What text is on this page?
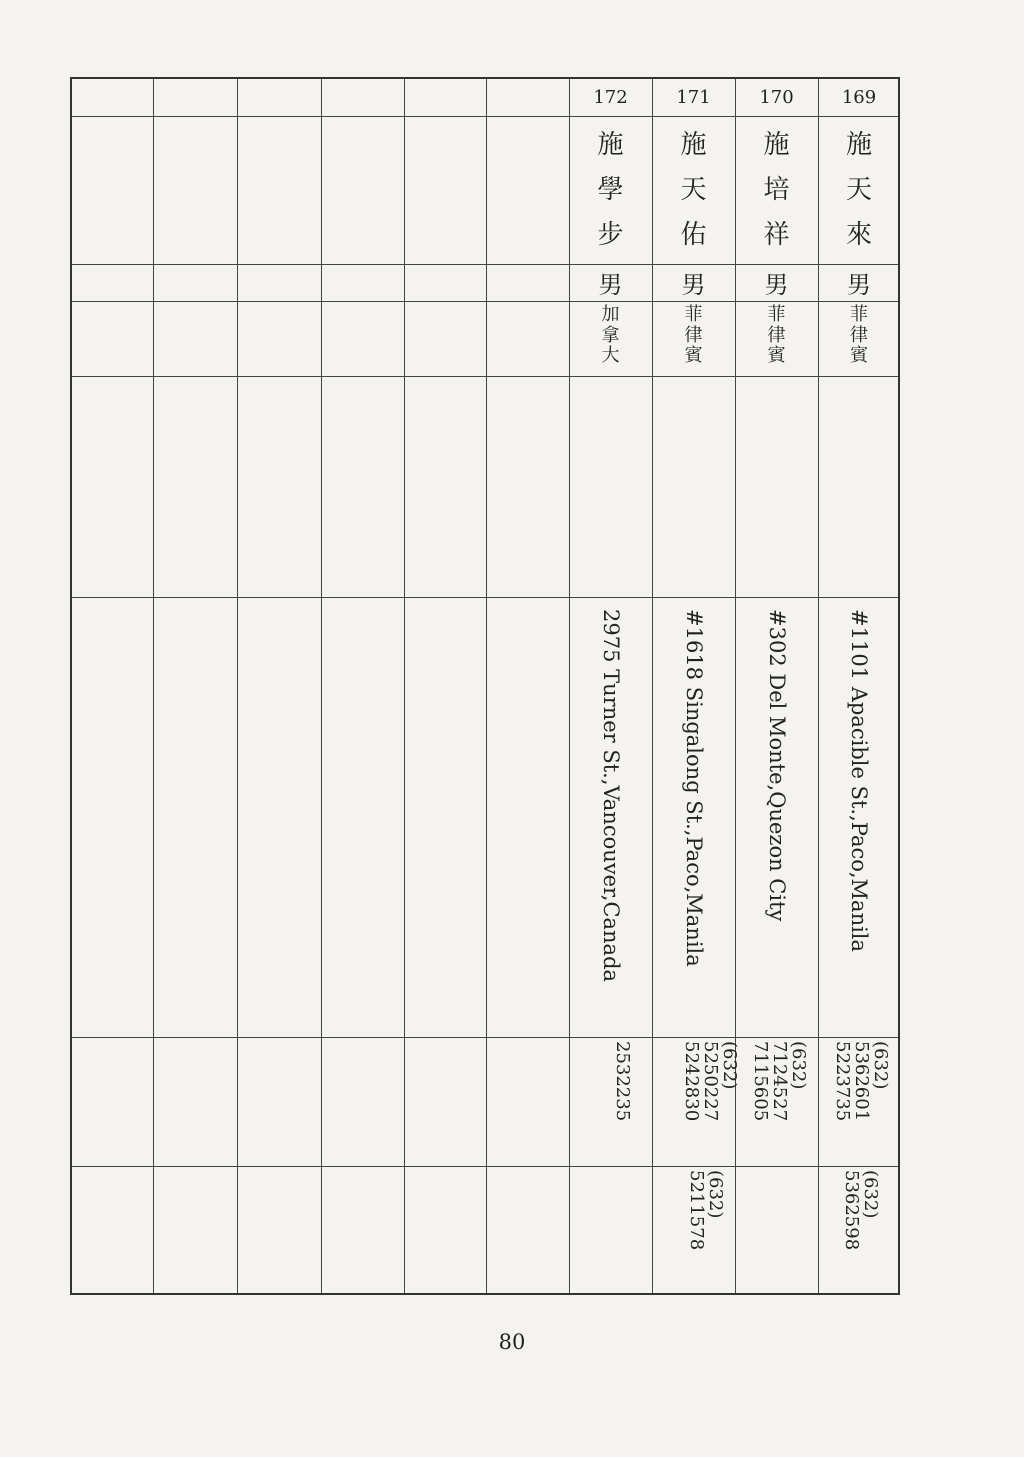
169
施
天
來
男
菲
律
賓
#1101 Apacible St.,Paco,Manila
(632)
5362601
5223735
(632)
5362598
170
施
培
祥
男
菲
律
賓
#302 Del Monte,Quezon City
(632)
7124527
7115605
171
施
天
佑
男
菲
律
賓
#1618 Singalong St.,Paco,Manila
(632)
5250227
5242830
(632)
5211578
172
施
學
步
男
加
拿
大
2975 Turner St.,Vancouver,Canada
2532235
80
